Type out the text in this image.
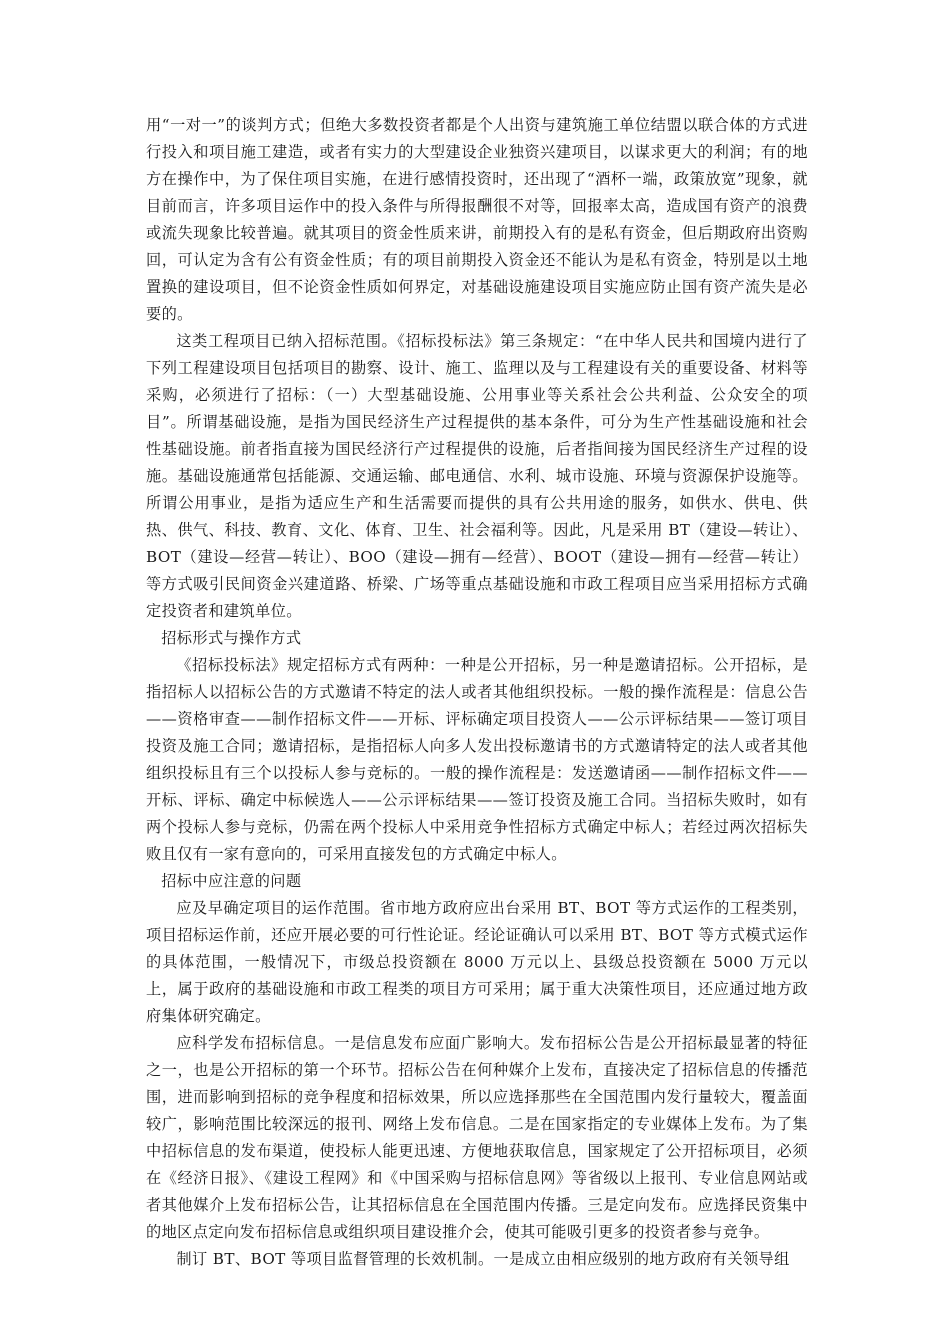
用“一对一”的谈判方式；但绝大多数投资者都是个人出资与建筑施工单位结盟以联合体的方式进行投入和项目施工建造，或者有实力的大型建设企业独资兴建项目，以谋求更大的利润；有的地方在操作中，为了保住项目实施，在进行感情投资时，还出现了“酒杯一端，政策放宽”现象，就目前而言，许多项目运作中的投入条件与所得报酬很不对等，回报率太高，造成国有资产的浪费或流失现象比较普遍。就其项目的资金性质来讲，前期投入有的是私有资金，但后期政府出资购回，可认定为含有公有资金性质；有的项目前期投入资金还不能认为是私有资金，特别是以土地置换的建设项目，但不论资金性质如何界定，对基础设施建设项目实施应防止国有资产流失是必要的。

这类工程项目已纳入招标范围。《招标投标法》第三条规定：“在中华人民共和国境内进行了下列工程建设项目包括项目的勘察、设计、施工、监理以及与工程建设有关的重要设备、材料等采购，必须进行了招标：（一）大型基础设施、公用事业等关系社会公共利益、公众安全的项目”。所谓基础设施，是指为国民经济生产过程提供的基本条件，可分为生产性基础设施和社会性基础设施。前者指直接为国民经济行产过程提供的设施，后者指间接为国民经济生产过程的设施。基础设施通常包括能源、交通运输、邮电通信、水利、城市设施、环境与资源保护设施等。所谓公用事业，是指为适应生产和生活需要而提供的具有公共用途的服务，如供水、供电、供热、供气、科技、教育、文化、体育、卫生、社会福利等。因此，凡是采用 BT（建设—转让）、BOT（建设—经营—转让）、BOO（建设—拥有—经营）、BOOT（建设—拥有—经营—转让）等方式吸引民间资金兴建道路、桥梁、广场等重点基础设施和市政工程项目应当采用招标方式确定投资者和建筑单位。

招标形式与操作方式

《招标投标法》规定招标方式有两种：一种是公开招标，另一种是邀请招标。公开招标，是指招标人以招标公告的方式邀请不特定的法人或者其他组织投标。一般的操作流程是：信息公告——资格审查——制作招标文件——开标、评标确定项目投资人——公示评标结果——签订项目投资及施工合同；邀请招标，是指招标人向多人发出投标邀请书的方式邀请特定的法人或者其他组织投标且有三个以投标人参与竞标的。一般的操作流程是：发送邀请函——制作招标文件——开标、评标、确定中标候选人——公示评标结果——签订投资及施工合同。当招标失败时，如有两个投标人参与竞标，仍需在两个投标人中采用竞争性招标方式确定中标人；若经过两次招标失败且仅有一家有意向的，可采用直接发包的方式确定中标人。

招标中应注意的问题

应及早确定项目的运作范围。省市地方政府应出台采用 BT、BOT 等方式运作的工程类别，项目招标运作前，还应开展必要的可行性论证。经论证确认可以采用 BT、BOT 等方式模式运作的具体范围，一般情况下，市级总投资额在 8000 万元以上、县级总投资额在 5000 万元以上，属于政府的基础设施和市政工程类的项目方可采用；属于重大决策性项目，还应通过地方政府集体研究确定。

应科学发布招标信息。一是信息发布应面广影响大。发布招标公告是公开招标最显著的特征之一，也是公开招标的第一个环节。招标公告在何种媒介上发布，直接决定了招标信息的传播范围，进而影响到招标的竞争程度和招标效果，所以应选择那些在全国范围内发行量较大，覆盖面较广，影响范围比较深远的报刊、网络上发布信息。二是在国家指定的专业媒体上发布。为了集中招标信息的发布渠道，使投标人能更迅速、方便地获取信息，国家规定了公开招标项目，必须在《经济日报》、《建设工程网》和《中国采购与招标信息网》等省级以上报刊、专业信息网站或者其他媒介上发布招标公告，让其招标信息在全国范围内传播。三是定向发布。应选择民资集中的地区点定向发布招标信息或组织项目建设推介会，使其可能吸引更多的投资者参与竞争。

制订 BT、BOT 等项目监督管理的长效机制。一是成立由相应级别的地方政府有关领导组
